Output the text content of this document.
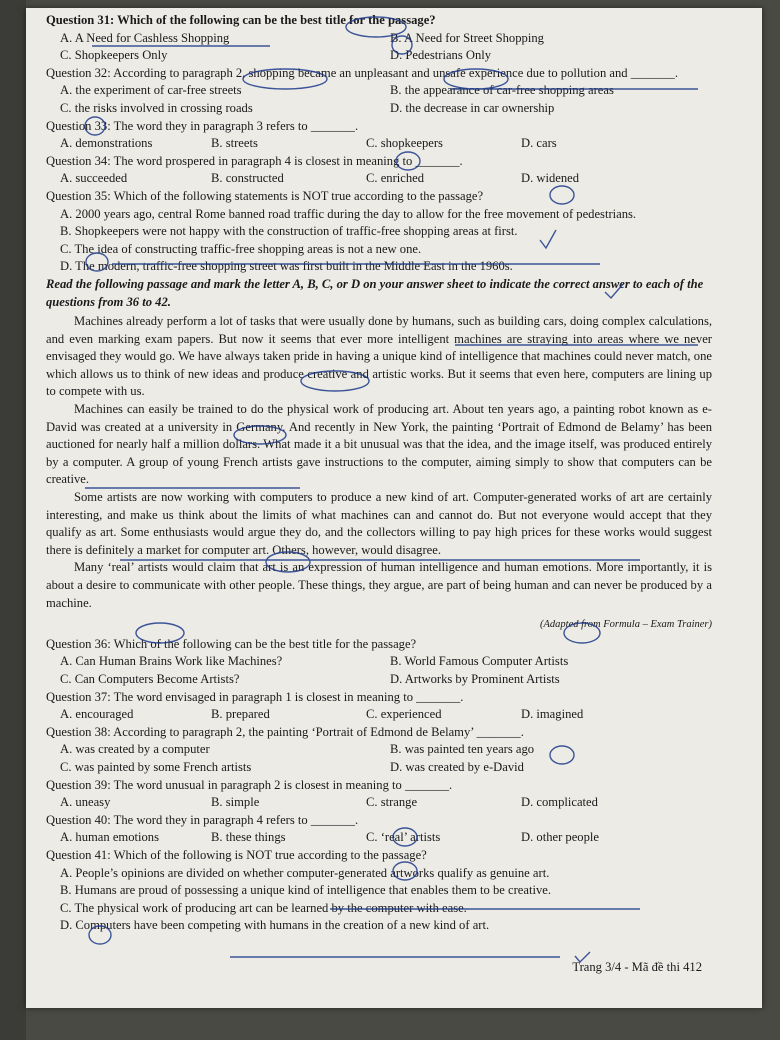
Question 31: Which of the following can be the best title for the passage?
A. A Need for Cashless Shopping	B. A Need for Street Shopping
C. Shopkeepers Only	D. Pedestrians Only
Question 32: According to paragraph 2, shopping became an unpleasant and unsafe experience due to pollution and _______.
A. the experiment of car-free streets	B. the appearance of car-free shopping areas
C. the risks involved in crossing roads	D. the decrease in car ownership
Question 33: The word they in paragraph 3 refers to _______.
A. demonstrations	B. streets	C. shopkeepers	D. cars
Question 34: The word prospered in paragraph 4 is closest in meaning to _______.
A. succeeded	B. constructed	C. enriched	D. widened
Question 35: Which of the following statements is NOT true according to the passage?
A. 2000 years ago, central Rome banned road traffic during the day to allow for the free movement of pedestrians.
B. Shopkeepers were not happy with the construction of traffic-free shopping areas at first.
C. The idea of constructing traffic-free shopping areas is not a new one.
D. The modern, traffic-free shopping street was first built in the Middle East in the 1960s.
Read the following passage and mark the letter A, B, C, or D on your answer sheet to indicate the correct answer to each of the questions from 36 to 42.

Machines already perform a lot of tasks that were usually done by humans, such as building cars, doing complex calculations, and even marking exam papers. But now it seems that ever more intelligent machines are straying into areas where we never envisaged they would go. We have always taken pride in having a unique kind of intelligence that machines could never match, one which allows us to think of new ideas and produce creative and artistic works. But it seems that even here, computers are lining up to compete with us.

Machines can easily be trained to do the physical work of producing art. About ten years ago, a painting robot known as e-David was created at a university in Germany. And recently in New York, the painting ‘Portrait of Edmond de Belamy’ has been auctioned for nearly half a million dollars. What made it a bit unusual was that the idea, and the image itself, was produced entirely by a computer. A group of young French artists gave instructions to the computer, aiming simply to show that computers can be creative.

Some artists are now working with computers to produce a new kind of art. Computer-generated works of art are certainly interesting, and make us think about the limits of what machines can and cannot do. But not everyone would accept that they qualify as art. Some enthusiasts would argue they do, and the collectors willing to pay high prices for these works would suggest there is definitely a market for computer art. Others, however, would disagree.

Many ‘real’ artists would claim that art is an expression of human intelligence and human emotions. More importantly, it is about a desire to communicate with other people. These things, they argue, are part of being human and can never be produced by a machine.

(Adapted from Formula – Exam Trainer)
Question 36: Which of the following can be the best title for the passage?
A. Can Human Brains Work like Machines?	B. World Famous Computer Artists
C. Can Computers Become Artists?	D. Artworks by Prominent Artists
Question 37: The word envisaged in paragraph 1 is closest in meaning to _______.
A. encouraged	B. prepared	C. experienced	D. imagined
Question 38: According to paragraph 2, the painting ‘Portrait of Edmond de Belamy’ _______.
A. was created by a computer	B. was painted ten years ago
C. was painted by some French artists	D. was created by e-David
Question 39: The word unusual in paragraph 2 is closest in meaning to _______.
A. uneasy	B. simple	C. strange	D. complicated
Question 40: The word they in paragraph 4 refers to _______.
A. human emotions	B. these things	C. ‘real’ artists	D. other people
Question 41: Which of the following is NOT true according to the passage?
A. People’s opinions are divided on whether computer-generated artworks qualify as genuine art.
B. Humans are proud of possessing a unique kind of intelligence that enables them to be creative.
C. The physical work of producing art can be learned by the computer with ease.
D. Computers have been competing with humans in the creation of a new kind of art.
Trang 3/4 - Mã đề thi 412
